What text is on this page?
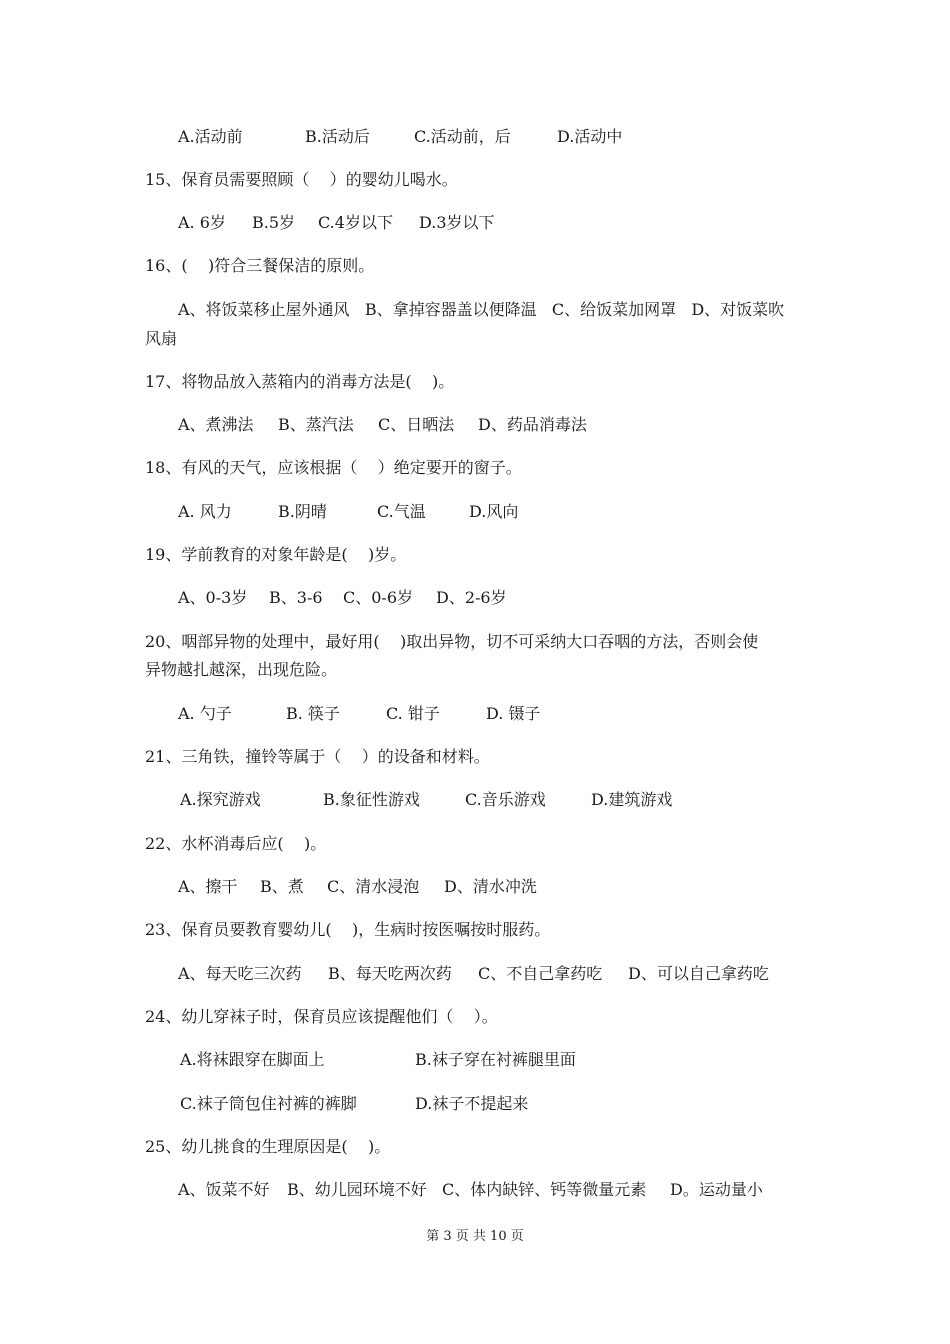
A.活动前

	B.活动后

	C.活动前，后

	D.活动中

15、保育员需要照顾（    ）的婴幼儿喝水。

A. 6岁

B.5岁

C.4岁以下

D.3岁以下

16、(    )符合三餐保洁的原则。
A、将饭菜移止屋外通风   B、拿掉容器盖以便降温   C、给饭菜加网罩   D、对饭菜吹
风扇
17、将物品放入蒸箱内的消毒方法是(    )。

A、煮沸法

B、蒸汽法

C、日晒法

D、药品消毒法

18、有风的天气，应该根据（    ）绝定要开的窗子。

A. 风力

	B.阴晴

	C.气温

	D.风向

19、学前教育的对象年龄是(    )岁。

A、0-3岁

B、3-6

C、0-6岁

D、2-6岁

20、咽部异物的处理中，最好用(    )取出异物，切不可采纳大口吞咽的方法，否则会使
异物越扎越深，出现危险。

A. 勺子

	B. 筷子

	C. 钳子

	D. 镊子

21、三角铁，撞铃等属于（    ）的设备和材料。

A.探究游戏

	B.象征性游戏

	C.音乐游戏

	D.建筑游戏

22、水杯消毒后应(    )。

A、擦干

B、煮

C、清水浸泡

D、清水冲洗

23、保育员要教育婴幼儿(    )，生病时按医嘱按时服药。

A、每天吃三次药

B、每天吃两次药

C、不自己拿药吃

D、可以自己拿药吃

24、幼儿穿袜子时，保育员应该提醒他们（    ）。

A.将袜跟穿在脚面上

	B.袜子穿在衬裤腿里面

C.袜子筒包住衬裤的裤脚

	D.袜子不提起来

25、幼儿挑食的生理原因是(    )。

A、饭菜不好

B、幼儿园环境不好

C、体内缺锌、钙等微量元素

D。运动量小

第 3 页 共 10 页
